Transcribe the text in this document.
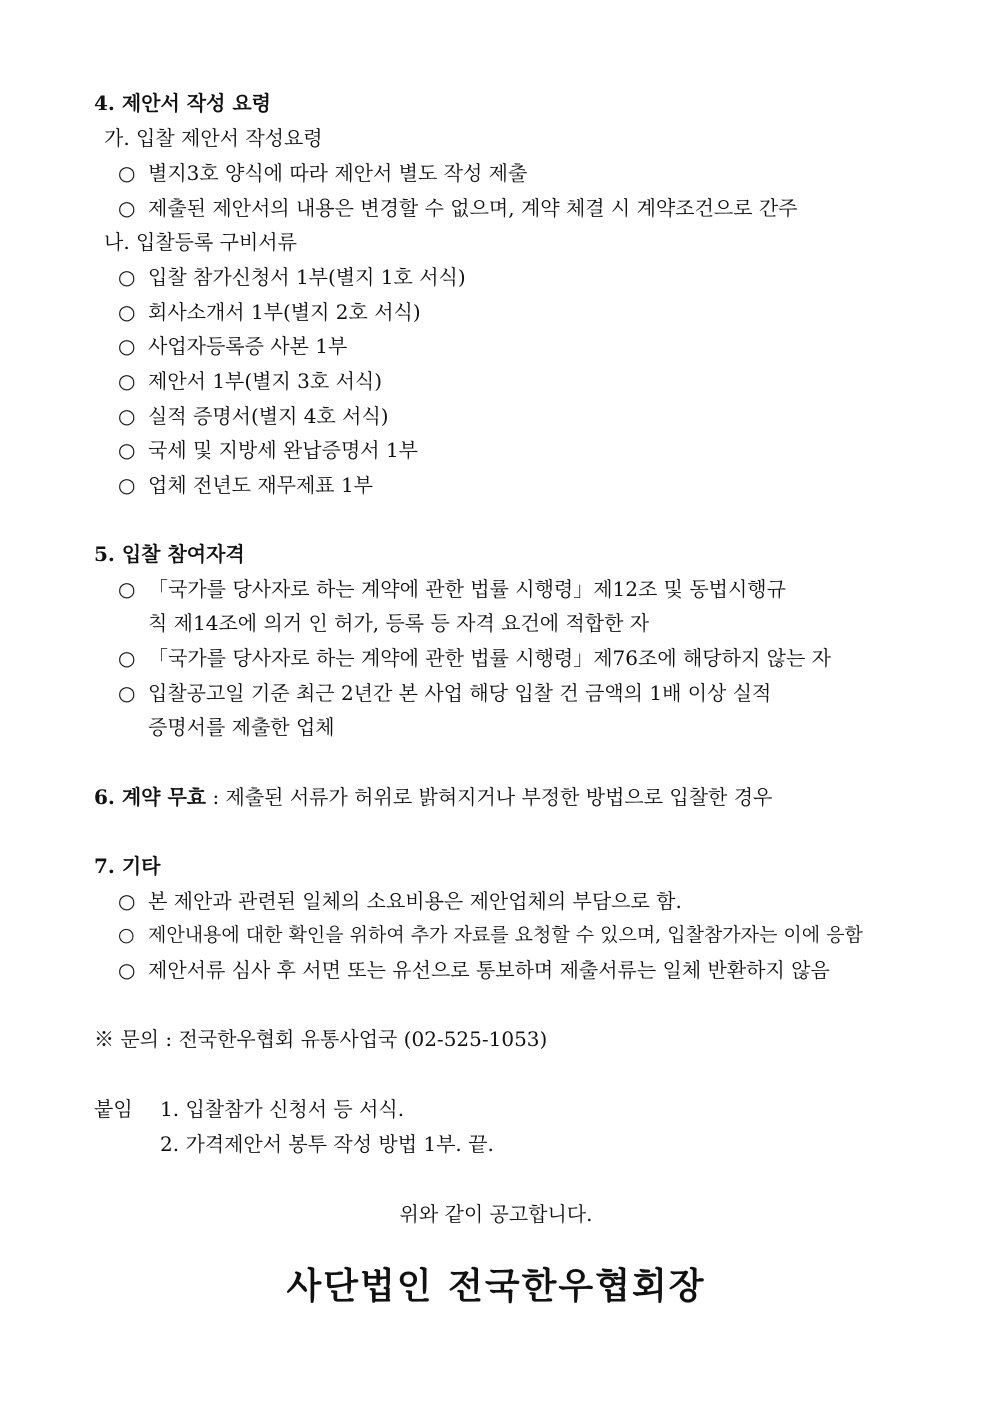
4. 제안서 작성 요령
가. 입찰 제안서 작성요령
○ 별지3호 양식에 따라 제안서 별도 작성 제출
○ 제출된 제안서의 내용은 변경할 수 없으며, 계약 체결 시 계약조건으로 간주
나. 입찰등록 구비서류
○ 입찰 참가신청서 1부(별지 1호 서식)
○ 회사소개서 1부(별지 2호 서식)
○ 사업자등록증 사본 1부
○ 제안서 1부(별지 3호 서식)
○ 실적 증명서(별지 4호 서식)
○ 국세 및 지방세 완납증명서 1부
○ 업체 전년도 재무제표 1부
5. 입찰 참여자격
○ 「국가를 당사자로 하는 계약에 관한 법률 시행령」제12조 및 동법시행규
칙 제14조에 의거 인 허가, 등록 등 자격 요건에 적합한 자
○ 「국가를 당사자로 하는 계약에 관한 법률 시행령」제76조에 해당하지 않는 자
○ 입찰공고일 기준 최근 2년간 본 사업 해당 입찰 건 금액의 1배 이상 실적
증명서를 제출한 업체
6. 계약 무효 : 제출된 서류가 허위로 밝혀지거나 부정한 방법으로 입찰한 경우
7. 기타
○ 본 제안과 관련된 일체의 소요비용은 제안업체의 부담으로 함.
○ 제안내용에 대한 확인을 위하여 추가 자료를 요청할 수 있으며, 입찰참가자는 이에 응함
○ 제안서류 심사 후 서면 또는 유선으로 통보하며 제출서류는 일체 반환하지 않음
※ 문의 : 전국한우협회 유통사업국 (02-525-1053)
붙임 1. 입찰참가 신청서 등 서식.
2. 가격제안서 봉투 작성 방법 1부. 끝.
위와 같이 공고합니다.
사단법인 전국한우협회장
